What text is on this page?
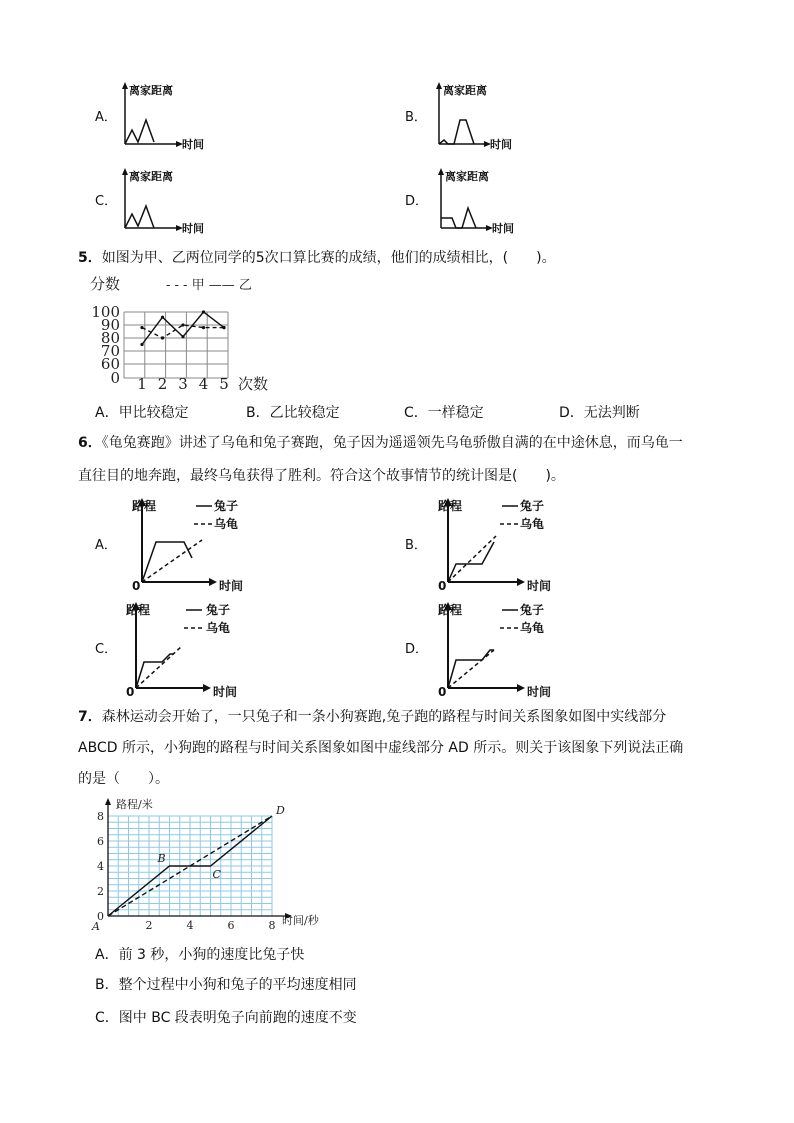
A．
离家距离
时间
B．
离家距离
时间
C．
离家距离
时间
D．
离家距离
时间
5．如图为甲、乙两位同学的5次口算比赛的成绩，他们的成绩相比，(　　)。
分数	- - - 甲 —— 乙
100
90
80
70
60
0 1 2 3 4 5 次数
A．甲比较稳定	B．乙比较稳定	C．一样稳定	D．无法判断
6．《龟兔赛跑》讲述了乌龟和兔子赛跑，兔子因为遥遥领先乌龟骄傲自满的在中途休息，而乌龟一
直往目的地奔跑，最终乌龟获得了胜利。符合这个故事情节的统计图是(　　)。
A．
路程
0	时间
兔子
乌龟
B．
路程
0	时间
兔子
乌龟
C．
路程
0	时间
兔子
乌龟
D．
路程
0	时间
兔子
乌龟
7．森林运动会开始了，一只兔子和一条小狗赛跑,兔子跑的路程与时间关系图象如图中实线部分
ABCD 所示，小狗跑的路程与时间关系图象如图中虚线部分 AD 所示。则关于该图象下列说法正确
的是（　　）。
路程/米
时间/秒
2	4	6	8
8
6
4
2
0
A
B
C
D
A．前 3 秒，小狗的速度比兔子快
B．整个过程中小狗和兔子的平均速度相同
C．图中 BC 段表明兔子向前跑的速度不变
